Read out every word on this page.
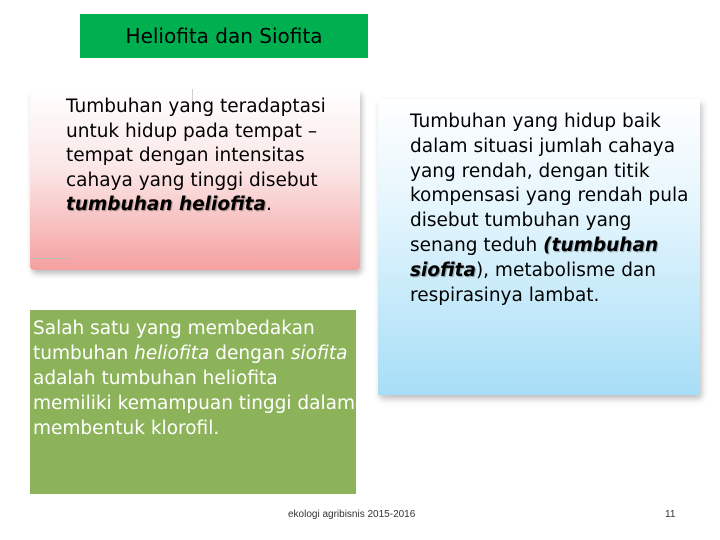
Heliofita dan Siofita
Tumbuhan yang teradaptasi untuk hidup pada tempat –tempat dengan intensitas cahaya yang tinggi disebut tumbuhan heliofita.
Salah satu yang membedakan tumbuhan heliofita dengan siofita adalah tumbuhan heliofita memiliki kemampuan tinggi dalam membentuk klorofil.
Tumbuhan yang hidup baik dalam situasi jumlah cahaya yang rendah, dengan titik kompensasi yang rendah pula disebut tumbuhan yang senang teduh (tumbuhan siofita), metabolisme dan respirasinya lambat.
ekologi agribisnis 2015-2016	11
